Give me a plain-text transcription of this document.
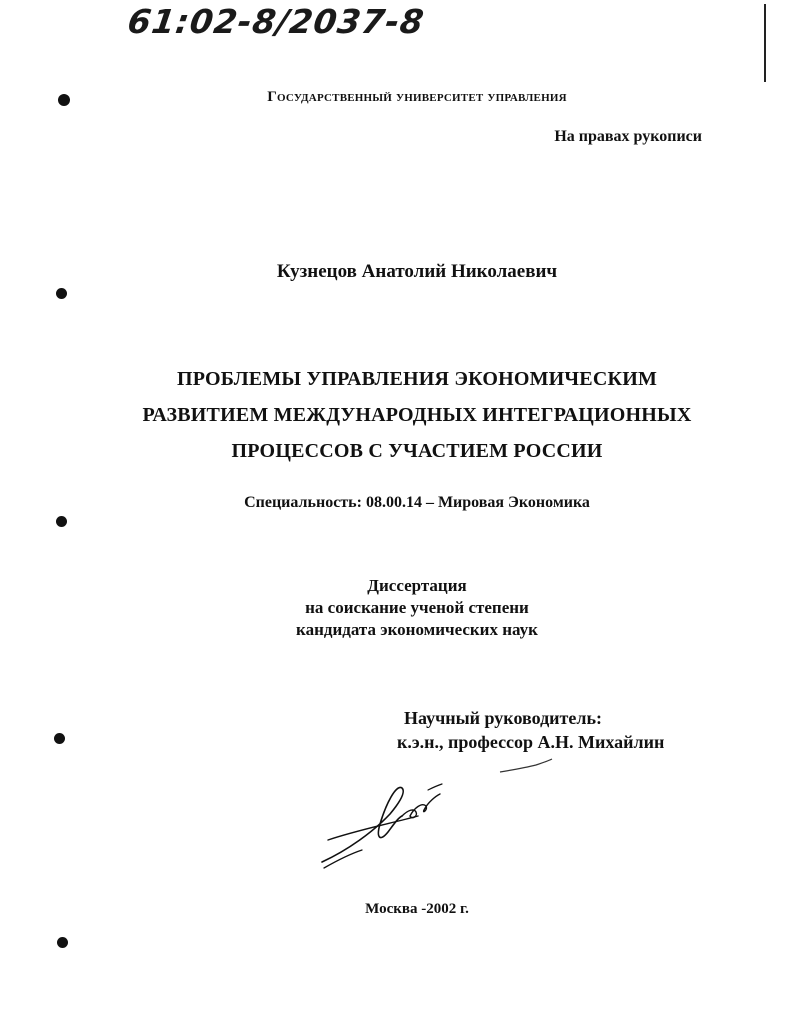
61:02-8/2037-8
Государственный университет управления
На правах рукописи
Кузнецов Анатолий Николаевич
ПРОБЛЕМЫ УПРАВЛЕНИЯ ЭКОНОМИЧЕСКИМ
РАЗВИТИЕМ МЕЖДУНАРОДНЫХ ИНТЕГРАЦИОННЫХ
ПРОЦЕССОВ С УЧАСТИЕМ РОССИИ
Специальность: 08.00.14 – Мировая Экономика
Диссертация
на соискание ученой степени
кандидата экономических наук
Научный руководитель:
к.э.н., профессор А.Н. Михайлин
Москва -2002 г.
